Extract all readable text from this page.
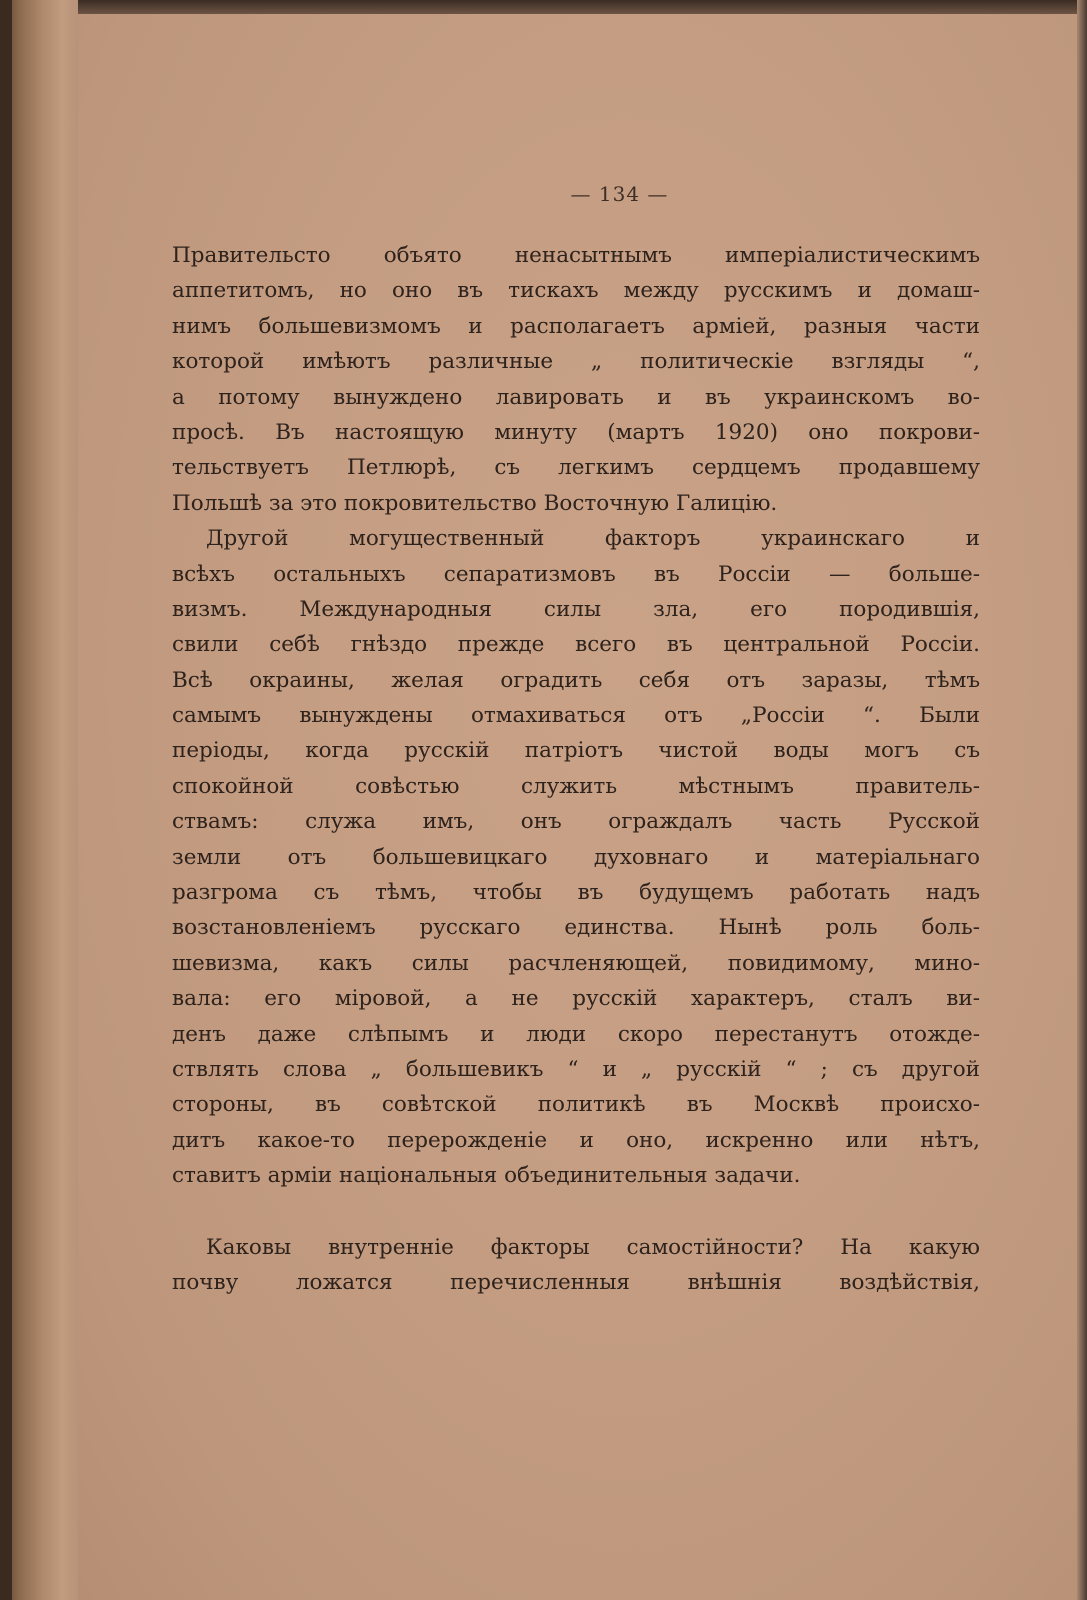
— 134 —
Правительсто объято ненасытнымъ имперіалистическимъ
аппетитомъ, но оно въ тискахъ между русскимъ и домаш-
нимъ большевизмомъ и располагаетъ арміей, разныя части
которой имѣютъ различные „ политическіе взгляды “,
а потому вынуждено лавировать и въ украинскомъ во-
просѣ. Въ настоящую минуту (мартъ 1920) оно покрови-
тельствуетъ Петлюрѣ, съ легкимъ сердцемъ продавшему
Польшѣ за это покровительство Восточную Галицію.
Другой могущественный факторъ украинскаго и
всѣхъ остальныхъ сепаратизмовъ въ Россіи — больше-
визмъ. Международныя силы зла, его породившія,
свили себѣ гнѣздо прежде всего въ центральной Россіи.
Всѣ окраины, желая оградить себя отъ заразы, тѣмъ
самымъ вынуждены отмахиваться отъ „Россіи “. Были
періоды, когда русскій патріотъ чистой воды могъ съ
спокойной совѣстью служить мѣстнымъ правитель-
ствамъ: служа имъ, онъ ограждалъ часть Русской
земли отъ большевицкаго духовнаго и матеріальнаго
разгрома съ тѣмъ, чтобы въ будущемъ работать надъ
возстановленіемъ русскаго единства. Нынѣ роль боль-
шевизма, какъ силы расчленяющей, повидимому, мино-
вала: его міровой, а не русскій характеръ, сталъ ви-
денъ даже слѣпымъ и люди скоро перестанутъ отожде-
ствлять слова „ большевикъ “ и „ русскій “ ; съ другой
стороны, въ совѣтской политикѣ въ Москвѣ происхо-
дитъ какое-то перерожденіе и оно, искренно или нѣтъ,
ставитъ арміи національныя объединительныя задачи.
Каковы внутренніе факторы самостійности? На какую
почву ложатся перечисленныя внѣшнія воздѣйствія,
